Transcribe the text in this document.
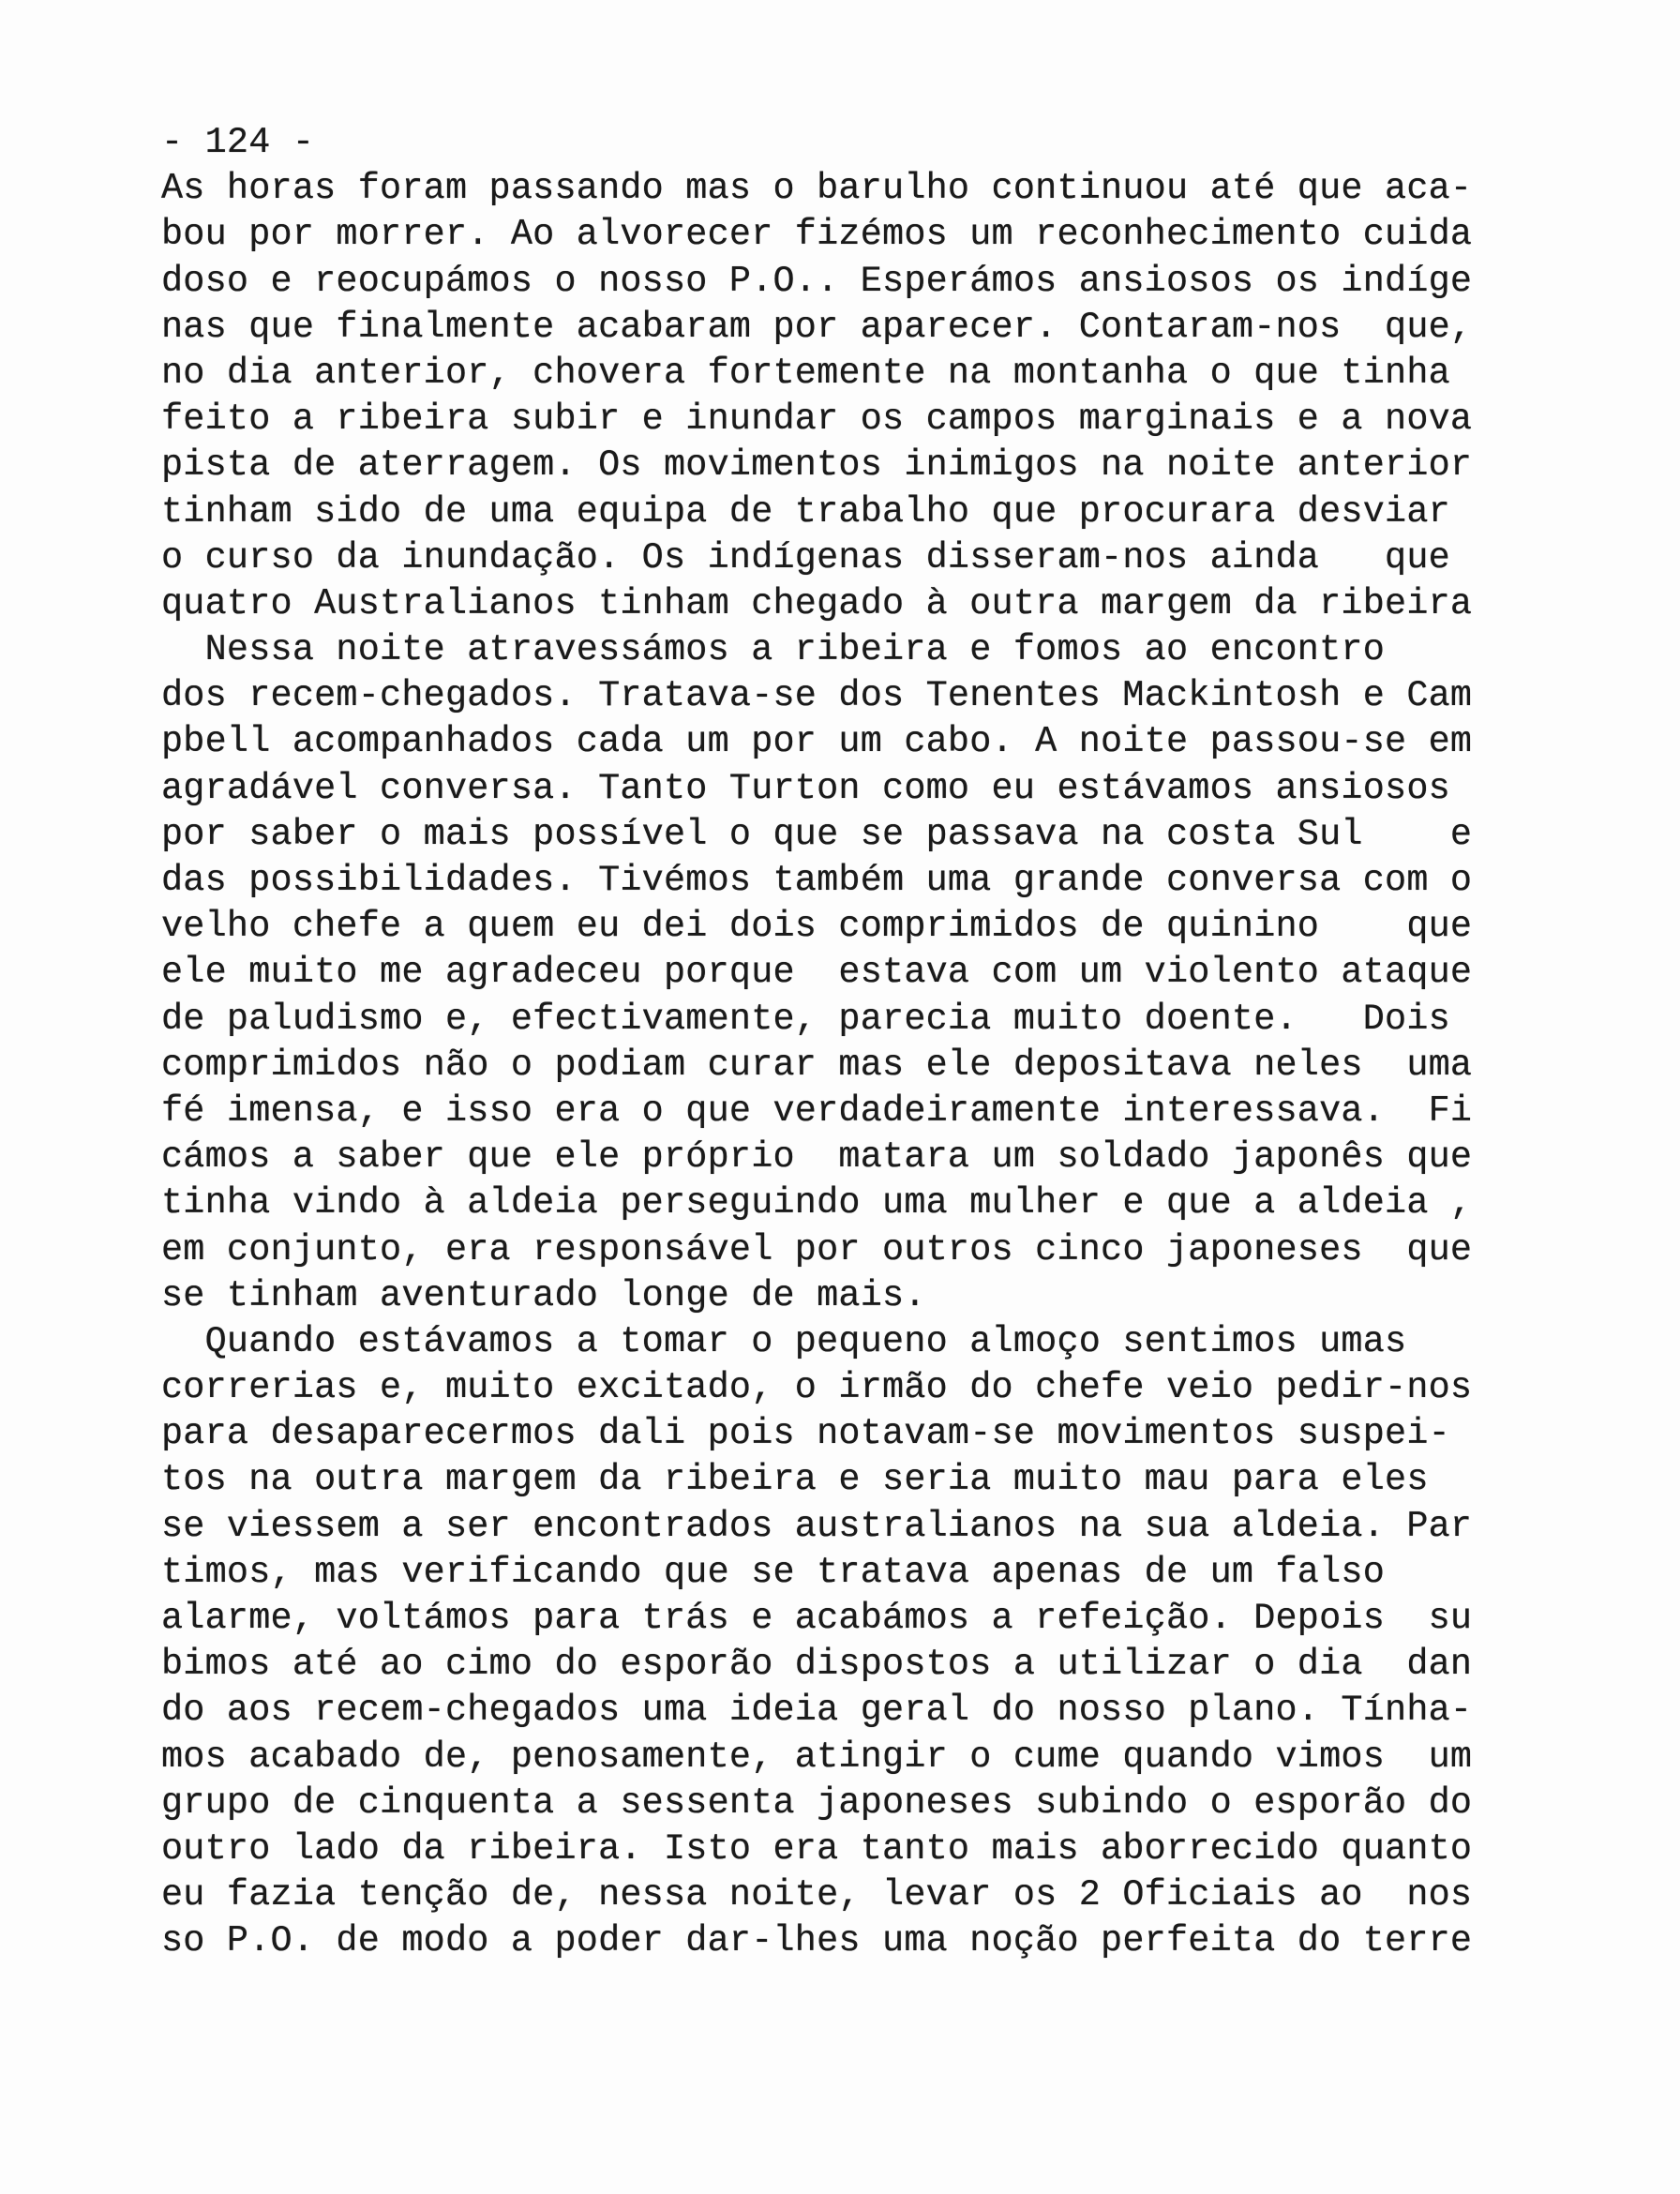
- 124 -
As horas foram passando mas o barulho continuou até que aca-
bou por morrer. Ao alvorecer fizémos um reconhecimento cuida
doso e reocupámos o nosso P.O.. Esperámos ansiosos os indíge
nas que finalmente acabaram por aparecer. Contaram-nos  que,
no dia anterior, chovera fortemente na montanha o que tinha
feito a ribeira subir e inundar os campos marginais e a nova
pista de aterragem. Os movimentos inimigos na noite anterior
tinham sido de uma equipa de trabalho que procurara desviar
o curso da inundação. Os indígenas disseram-nos ainda   que
quatro Australianos tinham chegado à outra margem da ribeira
Nessa noite atravessámos a ribeira e fomos ao encontro
dos recem-chegados. Tratava-se dos Tenentes Mackintosh e Cam
pbell acompanhados cada um por um cabo. A noite passou-se em
agradável conversa. Tanto Turton como eu estávamos ansiosos
por saber o mais possível o que se passava na costa Sul    e
das possibilidades. Tivémos também uma grande conversa com o
velho chefe a quem eu dei dois comprimidos de quinino    que
ele muito me agradeceu porque  estava com um violento ataque
de paludismo e, efectivamente, parecia muito doente.   Dois
comprimidos não o podiam curar mas ele depositava neles  uma
fé imensa, e isso era o que verdadeiramente interessava.  Fi
cámos a saber que ele próprio  matara um soldado japonês que
tinha vindo à aldeia perseguindo uma mulher e que a aldeia ,
em conjunto, era responsável por outros cinco japoneses  que
se tinham aventurado longe de mais.
Quando estávamos a tomar o pequeno almoço sentimos umas
correrias e, muito excitado, o irmão do chefe veio pedir-nos
para desaparecermos dali pois notavam-se movimentos suspei-
tos na outra margem da ribeira e seria muito mau para eles
se viessem a ser encontrados australianos na sua aldeia. Par
timos, mas verificando que se tratava apenas de um falso
alarme, voltámos para trás e acabámos a refeição. Depois  su
bimos até ao cimo do esporão dispostos a utilizar o dia  dan
do aos recem-chegados uma ideia geral do nosso plano. Tínha-
mos acabado de, penosamente, atingir o cume quando vimos  um
grupo de cinquenta a sessenta japoneses subindo o esporão do
outro lado da ribeira. Isto era tanto mais aborrecido quanto
eu fazia tenção de, nessa noite, levar os 2 Oficiais ao  nos
so P.O. de modo a poder dar-lhes uma noção perfeita do terre
